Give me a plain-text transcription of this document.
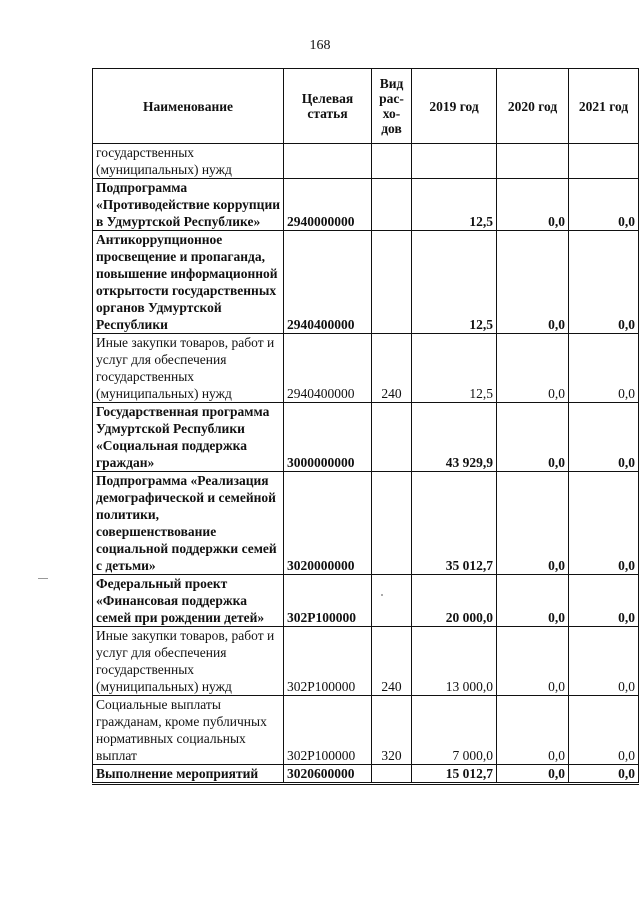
168
Наименование	Целевая статья	Вид рас- хо- дов	2019 год	2020 год	2021 год
государственных (муниципальных) нужд					
Подпрограмма «Противодействие коррупции в Удмуртской Республике»	2940000000		12,5	0,0	0,0
Антикоррупционное просвещение и пропаганда, повышение информационной открытости государственных органов Удмуртской Республики	2940400000		12,5	0,0	0,0
Иные закупки товаров, работ и услуг для обеспечения государственных (муниципальных) нужд	2940400000	240	12,5	0,0	0,0
Государственная программа Удмуртской Республики «Социальная поддержка граждан»	3000000000		43 929,9	0,0	0,0
Подпрограмма «Реализация демографической и семейной политики, совершенствование социальной поддержки семей с детьми»	3020000000		35 012,7	0,0	0,0
Федеральный проект «Финансовая поддержка семей при рождении детей»	302P100000		20 000,0	0,0	0,0
Иные закупки товаров, работ и услуг для обеспечения государственных (муниципальных) нужд	302P100000	240	13 000,0	0,0	0,0
Социальные выплаты гражданам, кроме публичных нормативных социальных выплат	302P100000	320	7 000,0	0,0	0,0
Выполнение мероприятий	3020600000		15 012,7	0,0	0,0
